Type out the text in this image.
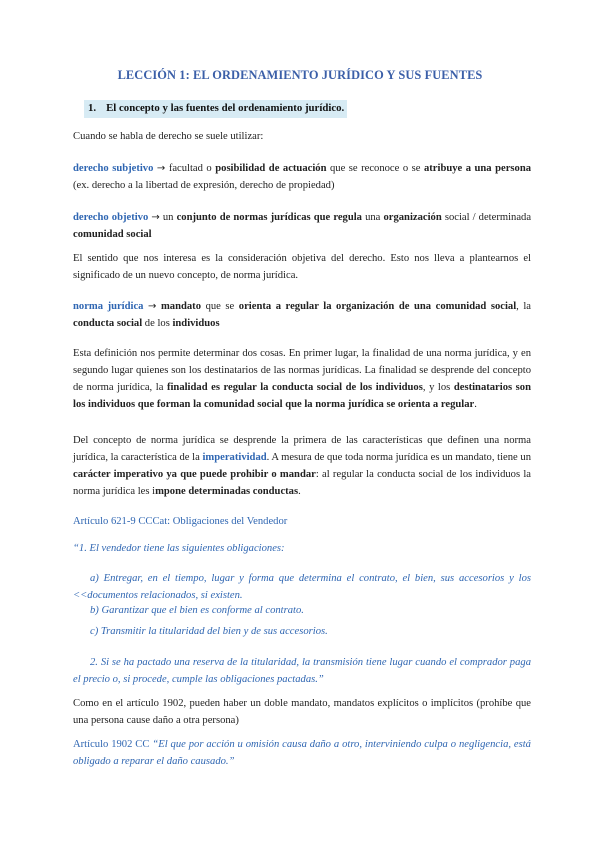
LECCIÓN 1: EL ORDENAMIENTO JURÍDICO Y SUS FUENTES
1. El concepto y las fuentes del ordenamiento jurídico.

Cuando se habla de derecho se suele utilizar:

derecho subjetivo → facultad o posibilidad de actuación que se reconoce o se atribuye a una persona (ex. derecho a la libertad de expresión, derecho de propiedad)

derecho objetivo → un conjunto de normas jurídicas que regula una organización social / determinada comunidad social

El sentido que nos interesa es la consideración objetiva del derecho. Esto nos lleva a plantearnos el significado de un nuevo concepto, de norma jurídica.

norma jurídica → mandato que se orienta a regular la organización de una comunidad social, la conducta social de los individuos

Esta definición nos permite determinar dos cosas. En primer lugar, la finalidad de una norma jurídica, y en segundo lugar quienes son los destinatarios de las normas jurídicas. La finalidad se desprende del concepto de norma jurídica, la finalidad es regular la conducta social de los individuos, y los destinatarios son los individuos que forman la comunidad social que la norma jurídica se orienta a regular.

Del concepto de norma jurídica se desprende la primera de las características que definen una norma jurídica, la característica de la imperatividad. A mesura de que toda norma jurídica es un mandato, tiene un carácter imperativo ya que puede prohibir o mandar: al regular la conducta social de los individuos la norma jurídica les impone determinadas conductas.

Artículo 621-9 CCCat: Obligaciones del Vendedor

“1. El vendedor tiene las siguientes obligaciones:

a) Entregar, en el tiempo, lugar y forma que determina el contrato, el bien, sus accesorios y los <<documentos relacionados, si existen.

b) Garantizar que el bien es conforme al contrato.

c) Transmitir la titularidad del bien y de sus accesorios.

2. Si se ha pactado una reserva de la titularidad, la transmisión tiene lugar cuando el comprador paga el precio o, si procede, cumple las obligaciones pactadas.”

Como en el artículo 1902, pueden haber un doble mandato, mandatos explícitos o implícitos (prohíbe que una persona cause daño a otra persona)

Artículo 1902 CC “El que por acción u omisión causa daño a otro, interviniendo culpa o negligencia, está obligado a reparar el daño causado.”
